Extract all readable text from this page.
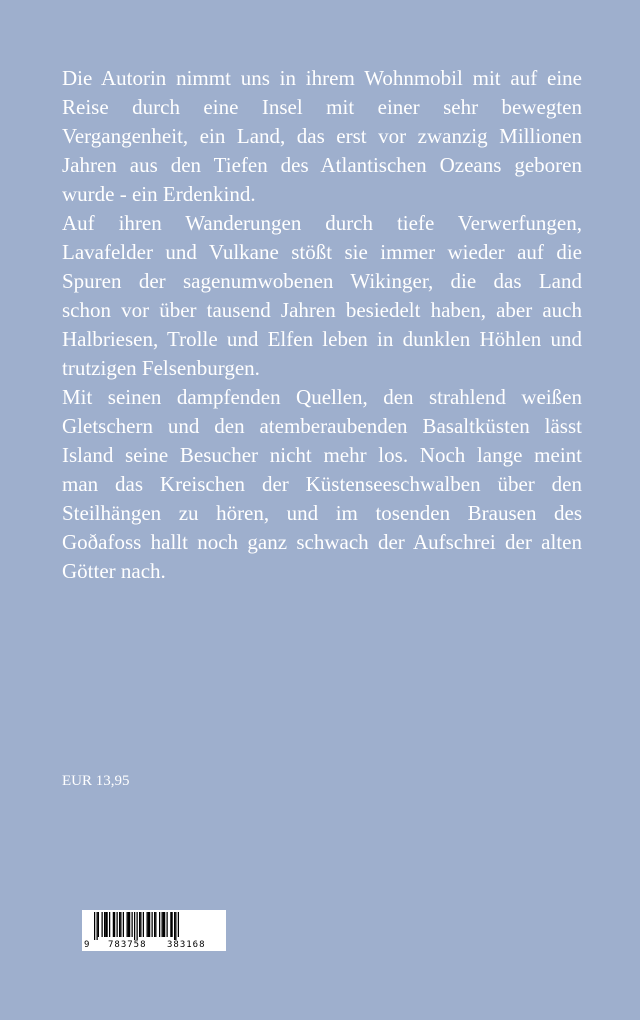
Die Autorin nimmt uns in ihrem Wohnmobil mit auf eine
Reise durch eine Insel mit einer sehr bewegten
Vergangenheit, ein Land, das erst vor zwanzig Millionen
Jahren aus den Tiefen des Atlantischen Ozeans geboren
wurde - ein Erdenkind.

Auf ihren Wanderungen durch tiefe Verwerfungen,
Lavafelder und Vulkane stößt sie immer wieder auf die
Spuren der sagenumwobenen Wikinger, die das Land
schon vor über tausend Jahren besiedelt haben, aber auch
Halbriesen, Trolle und Elfen leben in dunklen Höhlen und
trutzigen Felsenburgen.

Mit seinen dampfenden Quellen, den strahlend weißen
Gletschern und den atemberaubenden Basaltküsten lässt
Island seine Besucher nicht mehr los. Noch lange meint
man das Kreischen der Küstenseeschwalben über den
Steilhängen zu hören, und im tosenden Brausen des
Goðafoss hallt noch ganz schwach der Aufschrei der alten
Götter nach.

EUR 13,95

9

783758

383168
